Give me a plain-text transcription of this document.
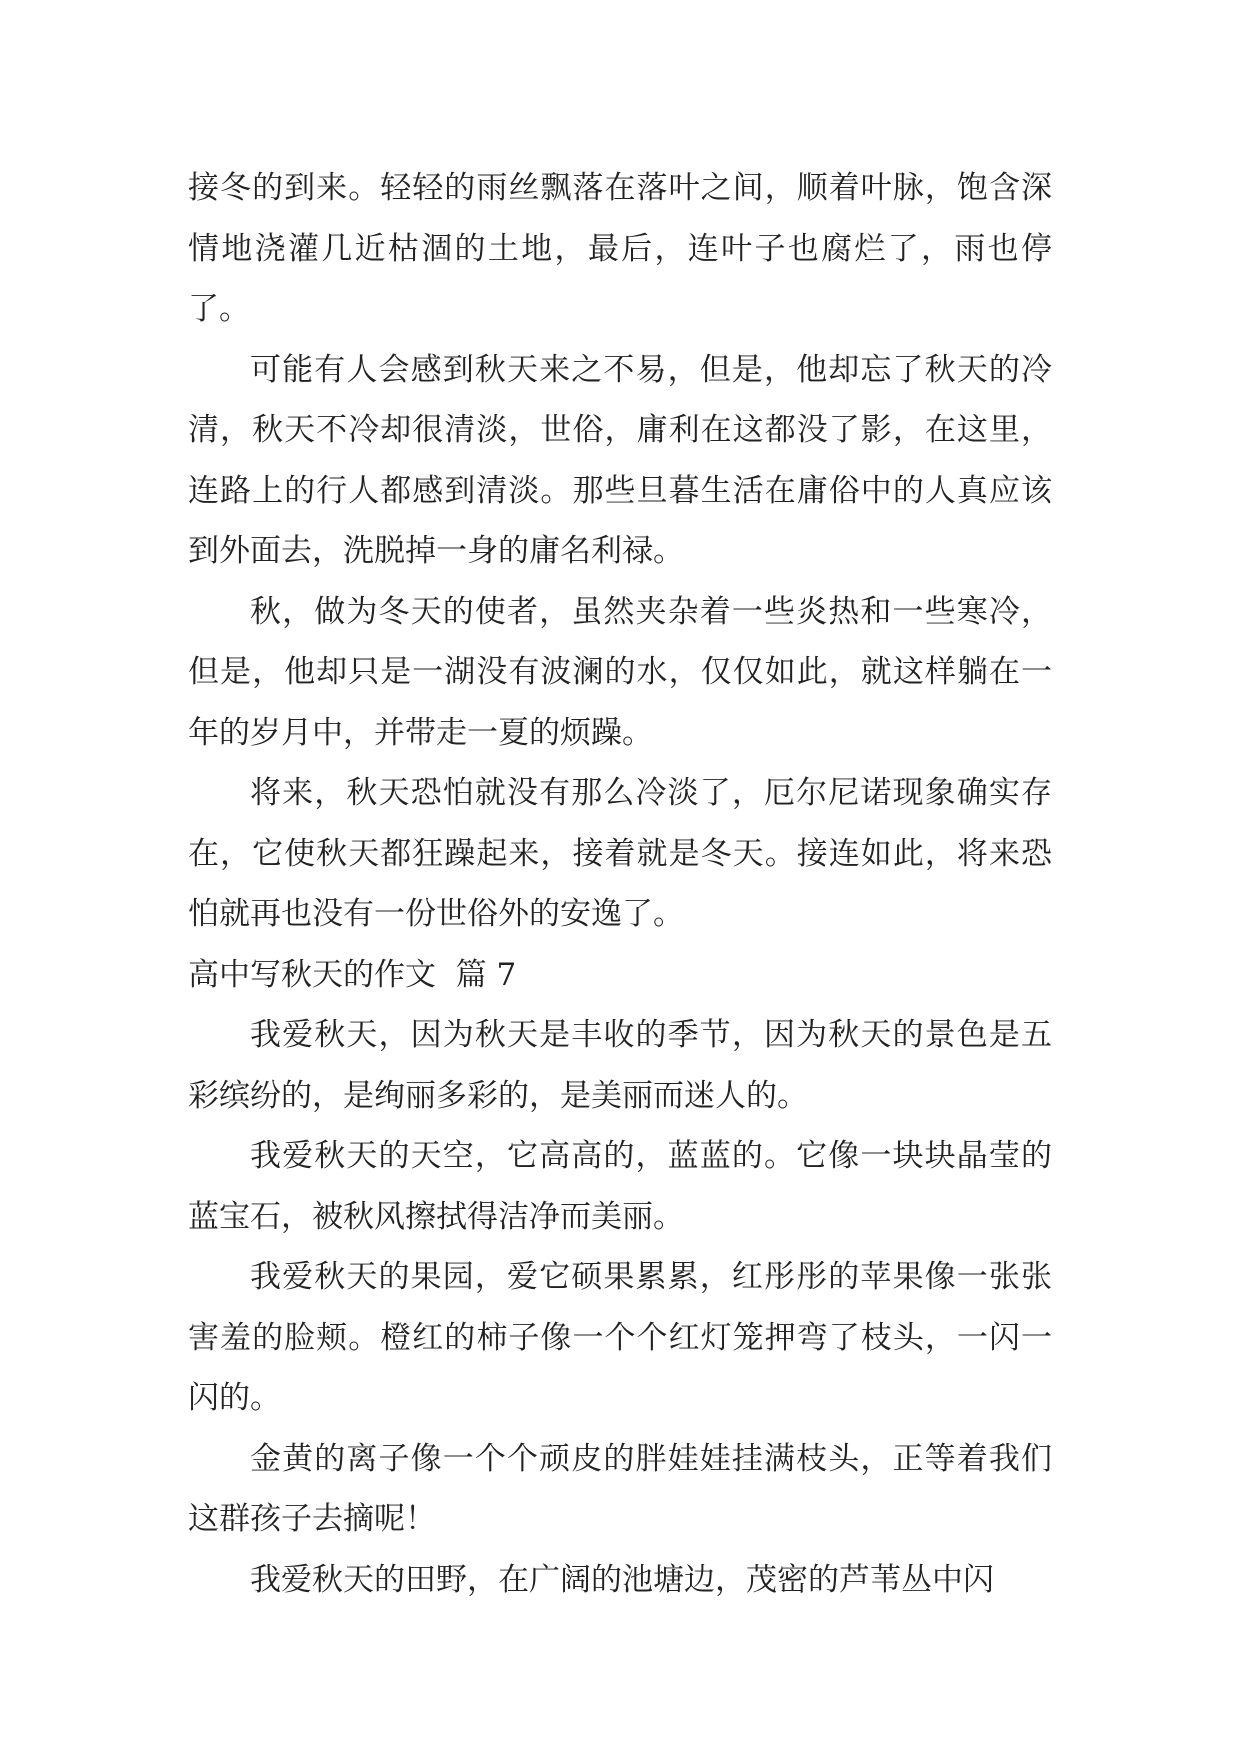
接冬的到来。轻轻的雨丝飘落在落叶之间，顺着叶脉，饱含深情地浇灌几近枯涸的土地，最后，连叶子也腐烂了，雨也停了。

可能有人会感到秋天来之不易，但是，他却忘了秋天的冷清，秋天不冷却很清淡，世俗，庸利在这都没了影，在这里，连路上的行人都感到清淡。那些旦暮生活在庸俗中的人真应该到外面去，洗脱掉一身的庸名利禄。

秋，做为冬天的使者，虽然夹杂着一些炎热和一些寒冷，但是，他却只是一湖没有波澜的水，仅仅如此，就这样躺在一年的岁月中，并带走一夏的烦躁。

将来，秋天恐怕就没有那么冷淡了，厄尔尼诺现象确实存在，它使秋天都狂躁起来，接着就是冬天。接连如此，将来恐怕就再也没有一份世俗外的安逸了。

高中写秋天的作文  篇 7

我爱秋天，因为秋天是丰收的季节，因为秋天的景色是五彩缤纷的，是绚丽多彩的，是美丽而迷人的。

我爱秋天的天空，它高高的，蓝蓝的。它像一块块晶莹的蓝宝石，被秋风擦拭得洁净而美丽。

我爱秋天的果园，爱它硕果累累，红彤彤的苹果像一张张害羞的脸颊。橙红的柿子像一个个红灯笼押弯了枝头，一闪一闪的。

金黄的离子像一个个顽皮的胖娃娃挂满枝头，正等着我们这群孩子去摘呢！

我爱秋天的田野，在广阔的池塘边，茂密的芦苇丛中闪
